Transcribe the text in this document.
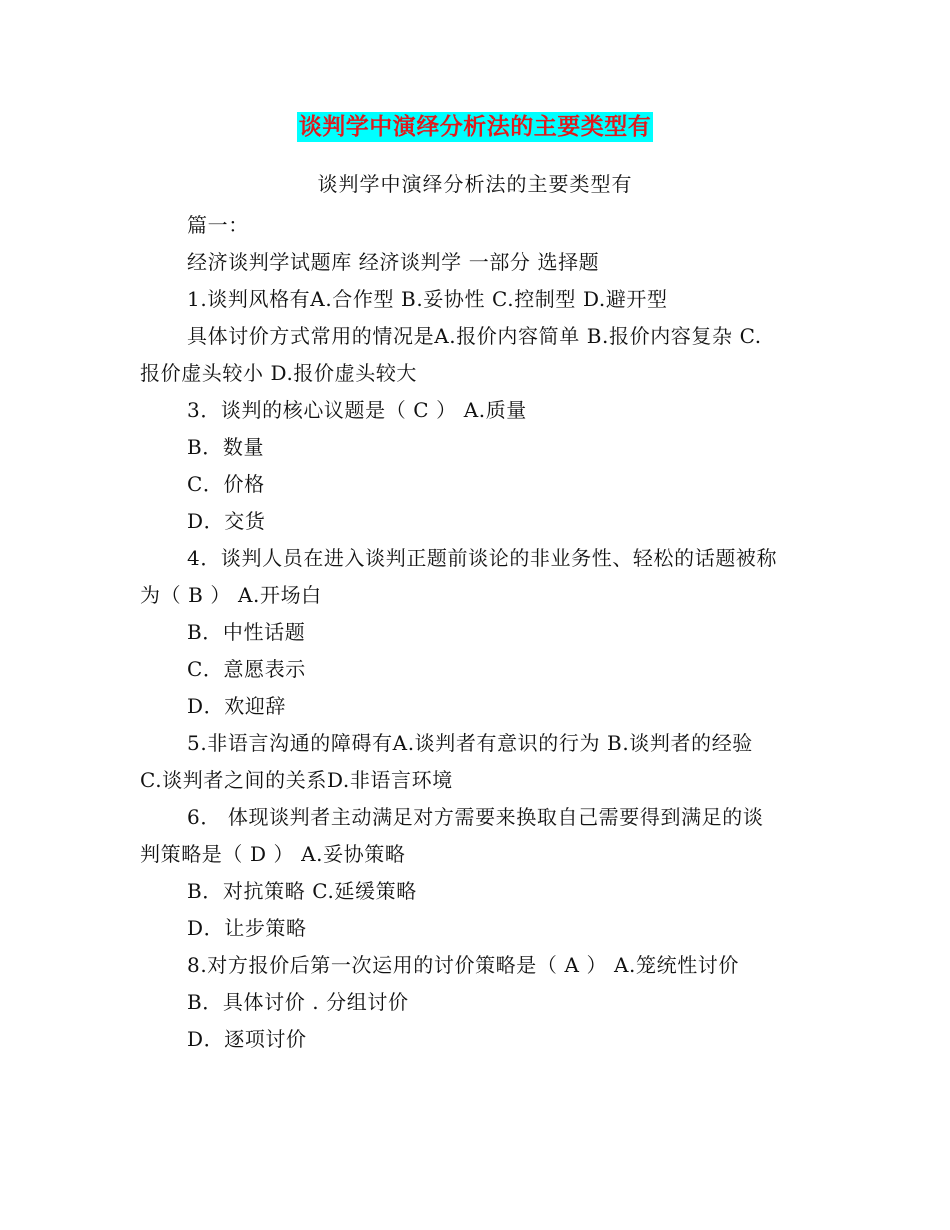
谈判学中演绎分析法的主要类型有
谈判学中演绎分析法的主要类型有
篇一：
经济谈判学试题库 经济谈判学 一部分 选择题
1.谈判风格有A.合作型 B.妥协性 C.控制型 D.避开型
具体讨价方式常用的情况是A.报价内容简单 B.报价内容复杂 C.
报价虚头较小 D.报价虚头较大
3．谈判的核心议题是（ C ） A.质量
B．数量
C．价格
D．交货
4．谈判人员在进入谈判正题前谈论的非业务性、轻松的话题被称
为（ B ） A.开场白
B．中性话题
C．意愿表示
D．欢迎辞
5.非语言沟通的障碍有A.谈判者有意识的行为 B.谈判者的经验
C.谈判者之间的关系D.非语言环境
6． 体现谈判者主动满足对方需要来换取自己需要得到满足的谈
判策略是（ D ） A.妥协策略
B．对抗策略 C.延缓策略
D．让步策略
8.对方报价后第一次运用的讨价策略是（ A ） A.笼统性讨价
B．具体讨价 . 分组讨价
D．逐项讨价
